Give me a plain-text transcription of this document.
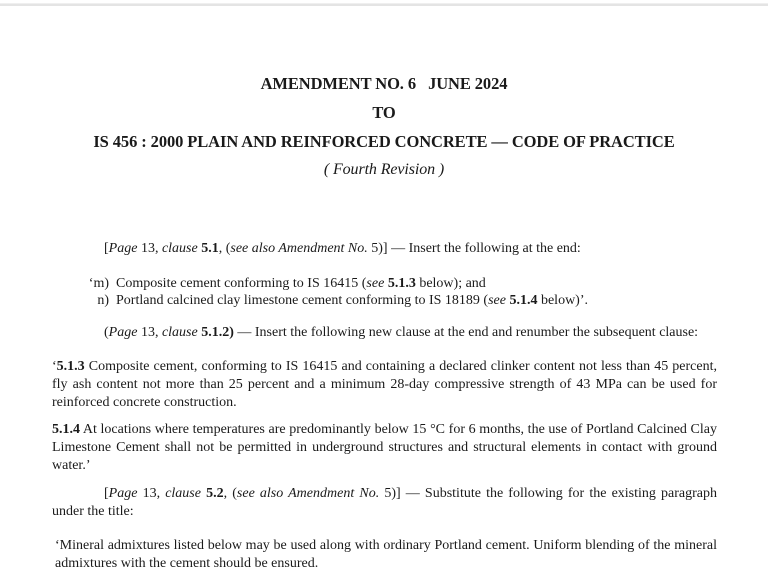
AMENDMENT NO. 6   JUNE 2024
TO
IS 456 : 2000 PLAIN AND REINFORCED CONCRETE — CODE OF PRACTICE
( Fourth Revision )
[Page 13, clause 5.1, (see also Amendment No. 5)] — Insert the following at the end:
‘m) Composite cement conforming to IS 16415 (see 5.1.3 below); and
n) Portland calcined clay limestone cement conforming to IS 18189 (see 5.1.4 below)’.
(Page 13, clause 5.1.2) — Insert the following new clause at the end and renumber the subsequent clause:
‘5.1.3 Composite cement, conforming to IS 16415 and containing a declared clinker content not less than 45 percent, fly ash content not more than 25 percent and a minimum 28-day compressive strength of 43 MPa can be used for reinforced concrete construction.
5.1.4 At locations where temperatures are predominantly below 15 °C for 6 months, the use of Portland Calcined Clay Limestone Cement shall not be permitted in underground structures and structural elements in contact with ground water.’
[Page 13, clause 5.2, (see also Amendment No. 5)] — Substitute the following for the existing paragraph under the title:
‘Mineral admixtures listed below may be used along with ordinary Portland cement. Uniform blending of the mineral admixtures with the cement should be ensured.
